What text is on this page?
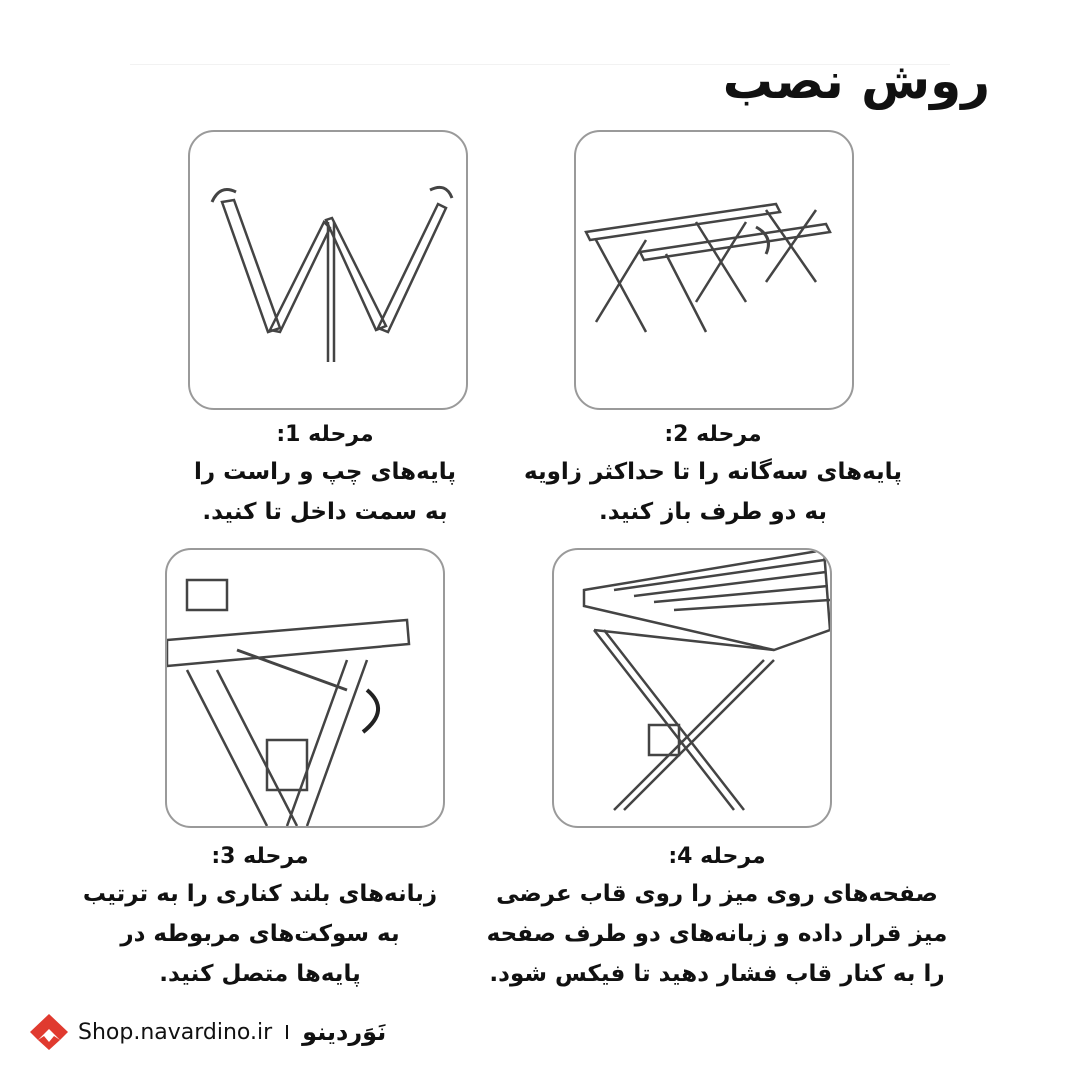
روش نصب
مرحله 1:
پایه‌های چپ و راست را
به سمت داخل تا کنید.
مرحله 2:
پایه‌های سه‌گانه را تا حداکثر زاویه
به دو طرف باز کنید.
مرحله 3:
زبانه‌های بلند کناری را به ترتیب
به سوکت‌های مربوطه در
پایه‌ها متصل کنید.
مرحله 4:
صفحه‌های روی میز را روی قاب عرضی
میز قرار داده و زبانه‌های دو طرف صفحه
را به کنار قاب فشار دهید تا فیکس شود.
Shop.navardino.ir نَوَردینو
